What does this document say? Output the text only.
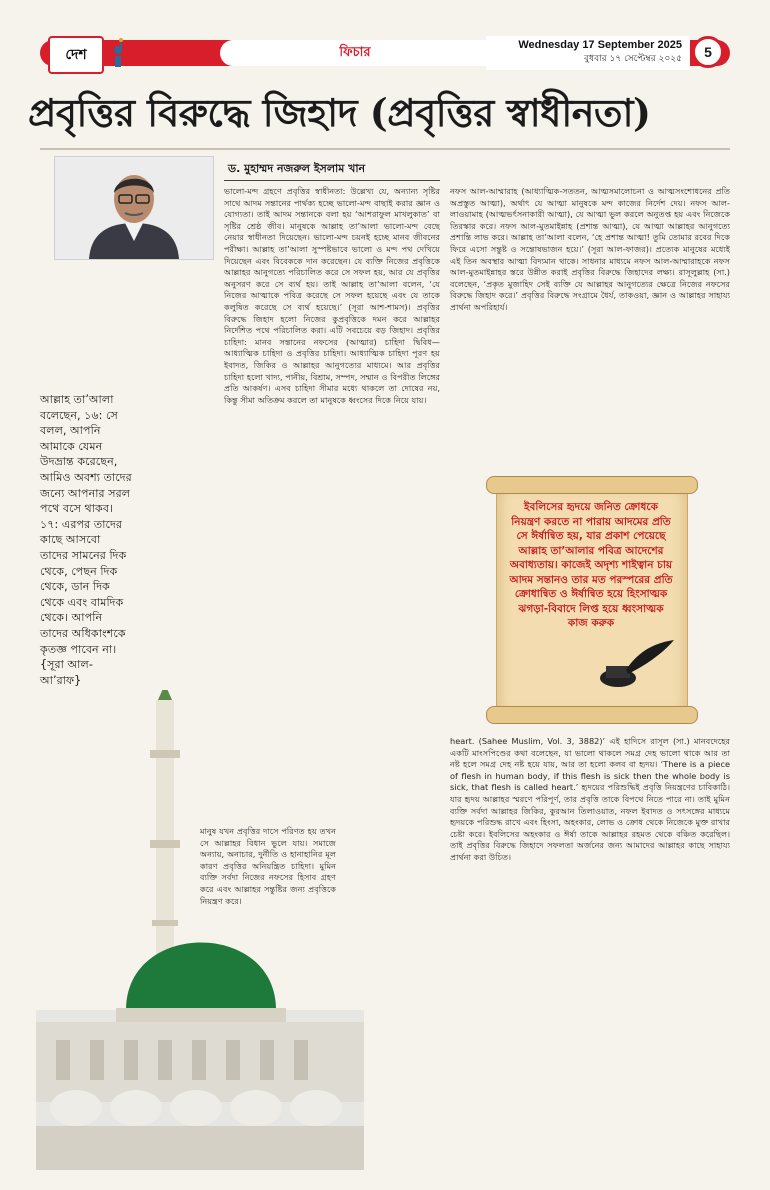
দেশ	ফিচার	Wednesday 17 September 2025
বুধবার ১৭ সেপ্টেম্বর ২০২৫	5
প্রবৃত্তির বিরুদ্ধে জিহাদ (প্রবৃত্তির স্বাধীনতা)
ড. মুহাম্মদ নজরুল ইসলাম খান

ভালো-মন্দ গ্রহণে প্রবৃত্তির স্বাধীনতা: উল্লেখ্য যে, অন্যান্য সৃষ্টির সাথে আদম সন্তানের পার্থক্য হচ্ছে ভালো-মন্দ বাছাই করার জ্ঞান ও যোগ্যতা। তাই আদম সন্তানকে বলা হয় ‘আশরাফুল মাখলুকাত’ বা সৃষ্টির শ্রেষ্ঠ জীব। মানুষকে আল্লাহ তা’আলা ভালো-মন্দ বেছে নেয়ার স্বাধীনতা দিয়েছেন। ভালো-মন্দ চয়নই হচ্ছে মানব জীবনের পরীক্ষা। আল্লাহ তা’আলা সুস্পষ্টভাবে ভালো ও মন্দ পথ দেখিয়ে দিয়েছেন এবং বিবেককে দান করেছেন। যে ব্যক্তি নিজের প্রবৃত্তিকে আল্লাহর আনুগত্যে পরিচালিত করে সে সফল হয়, আর যে প্রবৃত্তির অনুসরণ করে সে ব্যর্থ হয়। তাই আল্লাহ তা’আলা বলেন, ‘যে নিজের আত্মাকে পবিত্র করেছে সে সফল হয়েছে এবং যে তাকে কলুষিত করেছে সে ব্যর্থ হয়েছে।’ (সূরা আশ-শামস)। প্রবৃত্তির বিরুদ্ধে জিহাদ হলো নিজের কুপ্রবৃত্তিকে দমন করে আল্লাহর নির্দেশিত পথে পরিচালিত করা। এটি সবচেয়ে বড় জিহাদ। প্রবৃত্তির চাহিদা: মানব সন্তানের নফসের (আত্মার) চাহিদা দ্বিবিধ— আধ্যাত্মিক চাহিদা ও প্রবৃত্তির চাহিদা। আধ্যাত্মিক চাহিদা পূরণ হয় ইবাদত, জিকির ও আল্লাহর আনুগত্যের মাধ্যমে। আর প্রবৃত্তির চাহিদা হলো খাদ্য, পানীয়, বিশ্রাম, সম্পদ, সম্মান ও বিপরীত লিঙ্গের প্রতি আকর্ষণ। এসব চাহিদা সীমার মধ্যে থাকলে তা দোষের নয়, কিন্তু সীমা অতিক্রম করলে তা মানুষকে ধ্বংসের দিকে নিয়ে যায়।

মানুষ যখন প্রবৃত্তির দাসে পরিণত হয় তখন সে আল্লাহর বিধান ভুলে যায়। সমাজে অন্যায়, অনাচার, দুর্নীতি ও হানাহানির মূল কারণ প্রবৃত্তির অনিয়ন্ত্রিত চাহিদা। মুমিন ব্যক্তি সর্বদা নিজের নফসের হিসাব গ্রহণ করে এবং আল্লাহর সন্তুষ্টির জন্য প্রবৃত্তিকে নিয়ন্ত্রণ করে।

নফস আল-আম্মারাহ (আধ্যাত্মিক-সততন, আত্মসমালোচনা ও আত্মসংশোধনের প্রতি অপ্রস্তুত আত্মা), অর্থাৎ যে আত্মা মানুষকে মন্দ কাজের নির্দেশ দেয়। নফস আল-লাওয়ামাহ (আত্মভর্ৎসনাকারী আত্মা), যে আত্মা ভুল করলে অনুতপ্ত হয় এবং নিজেকে তিরস্কার করে। নফস আল-মুতমাইন্নাহ (প্রশান্ত আত্মা), যে আত্মা আল্লাহর আনুগত্যে প্রশান্তি লাভ করে। আল্লাহ তা’আলা বলেন, ‘হে প্রশান্ত আত্মা! তুমি তোমার রবের দিকে ফিরে এসো সন্তুষ্ট ও সন্তোষভাজন হয়ে।’ (সূরা আল-ফাজর)। প্রত্যেক মানুষের মধ্যেই এই তিন অবস্থার আত্মা বিদ্যমান থাকে। সাধনার মাধ্যমে নফস আল-আম্মারাহকে নফস আল-মুতমাইন্নাহর স্তরে উন্নীত করাই প্রবৃত্তির বিরুদ্ধে জিহাদের লক্ষ্য। রাসূলুল্লাহ (সা.) বলেছেন, ‘প্রকৃত মুজাহিদ সেই ব্যক্তি যে আল্লাহর আনুগত্যের ক্ষেত্রে নিজের নফসের বিরুদ্ধে জিহাদ করে।’ প্রবৃত্তির বিরুদ্ধে সংগ্রামে ধৈর্য, তাকওয়া, জ্ঞান ও আল্লাহর সাহায্য প্রার্থনা অপরিহার্য।

heart. (Sahee Muslim, Vol. 3, 3882)’ এই হাদিসে রাসূল (সা.) মানবদেহের একটি মাংসপিণ্ডের কথা বলেছেন, যা ভালো থাকলে সমগ্র দেহ ভালো থাকে আর তা নষ্ট হলে সমগ্র দেহ নষ্ট হয়ে যায়, আর তা হলো কলব বা হৃদয়। ‘There is a piece of flesh in human body, if this flesh is sick then the whole body is sick, that flesh is called heart.’ হৃদয়ের পরিশুদ্ধিই প্রবৃত্তি নিয়ন্ত্রণের চাবিকাঠি। যার হৃদয় আল্লাহর স্মরণে পরিপূর্ণ, তার প্রবৃত্তি তাকে বিপথে নিতে পারে না। তাই মুমিন ব্যক্তি সর্বদা আল্লাহর জিকির, কুরআন তিলাওয়াত, নফল ইবাদত ও সৎসঙ্গের মাধ্যমে হৃদয়কে পরিশুদ্ধ রাখে এবং হিংসা, অহংকার, লোভ ও ক্রোধ থেকে নিজেকে মুক্ত রাখার চেষ্টা করে। ইবলিসের অহংকার ও ঈর্ষা তাকে আল্লাহর রহমত থেকে বঞ্চিত করেছিল। তাই প্রবৃত্তির বিরুদ্ধে জিহাদে সফলতা অর্জনের জন্য আমাদের আল্লাহর কাছে সাহায্য প্রার্থনা করা উচিত।

আল্লাহ তা’আলা বলেছেন, ১৬: সে বলল, আপনি আমাকে যেমন উদভ্রান্ত করেছেন, আমিও অবশ্য তাদের জন্যে আপনার সরল পথে বসে থাকব। ১৭: এরপর তাদের কাছে আসবো তাদের সামনের দিক থেকে, পেছন দিক থেকে, ডান দিক থেকে এবং বামদিক থেকে। আপনি তাদের অধিকাংশকে কৃতজ্ঞ পাবেন না। {সূরা আল-আ’রাফ}
ইবলিসের হৃদয়ে জনিত ক্রোধকে নিয়ন্ত্রণ করতে না পারায় আদমের প্রতি সে ঈর্ষান্বিত হয়, যার প্রকাশ পেয়েছে আল্লাহ তা’আলার পবিত্র আদেশের অবাধ্যতায়। কাজেই অদৃশ্য শাইত্বান চায় আদম সন্তানও তার মত পরস্পরের প্রতি ক্রোধান্বিত ও ঈর্ষান্বিত হয়ে হিংসাত্মক ঝগড়া-বিবাদে লিপ্ত হয়ে ধ্বংসাত্মক কাজ করুক
